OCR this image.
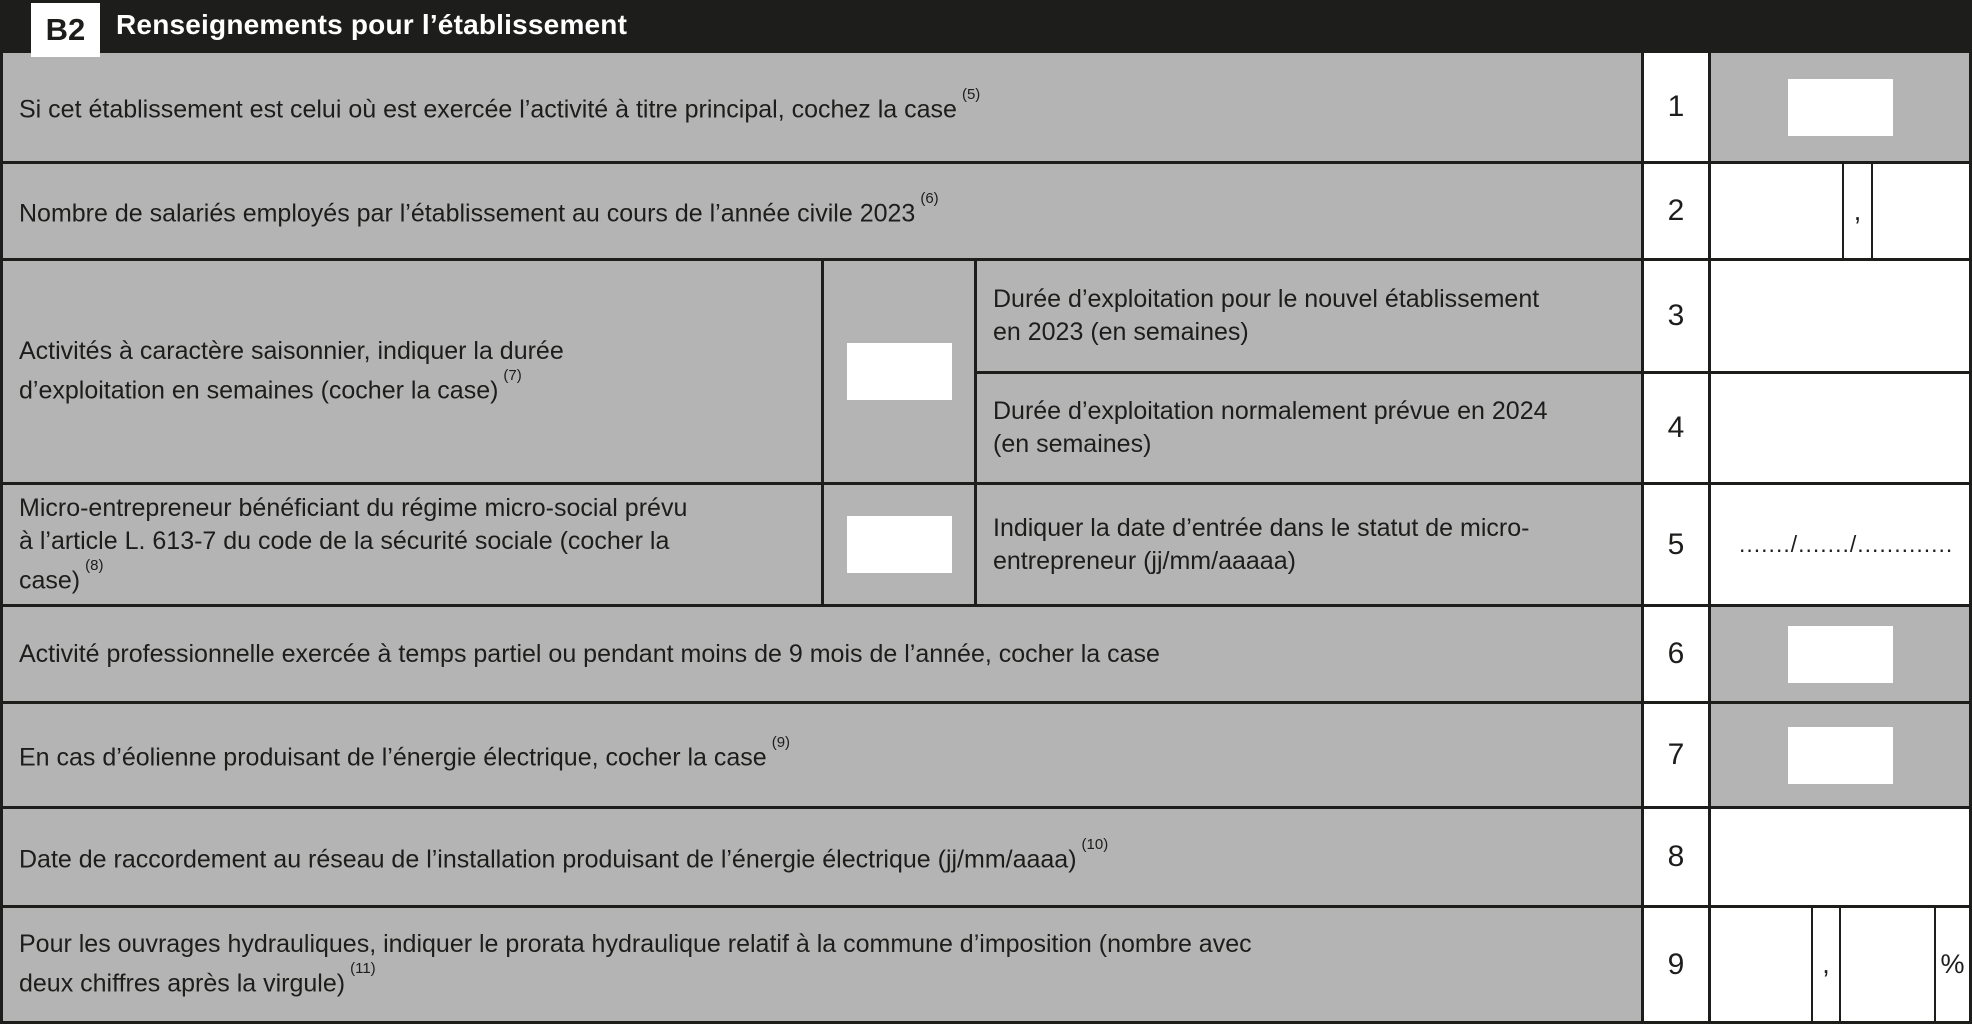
B2 Renseignements pour l’établissement

Si cet établissement est celui où est exercée l’activité à titre principal, cochez la case$^{(5)}$	1

Nombre de salariés employés par l’établissement au cours de l’année civile 2023$^{(6)}$	2	,

Activités à caractère saisonnier, indiquer la durée d’exploitation en semaines (cocher la case)$^{(7)}$

Durée d’exploitation pour le nouvel établissement en 2023 (en semaines)	3

Durée d’exploitation normalement prévue en 2024 (en semaines)	4

Micro-entrepreneur bénéficiant du régime micro-social prévu à l’article L. 613-7 du code de la sécurité sociale (cocher la case)$^{(8)}$

Indiquer la date d’entrée dans le statut de micro-entrepreneur (jj/mm/aaaaa)	5	......./......./.............

Activité professionnelle exercée à temps partiel ou pendant moins de 9 mois de l’année, cocher la case	6

En cas d’éolienne produisant de l’énergie électrique, cocher la case$^{(9)}$	7

Date de raccordement au réseau de l’installation produisant de l’énergie électrique (jj/mm/aaaa)$^{(10)}$	8

Pour les ouvrages hydrauliques, indiquer le prorata hydraulique relatif à la commune d’imposition (nombre avec deux chiffres après la virgule)$^{(11)}$	9	,	%
